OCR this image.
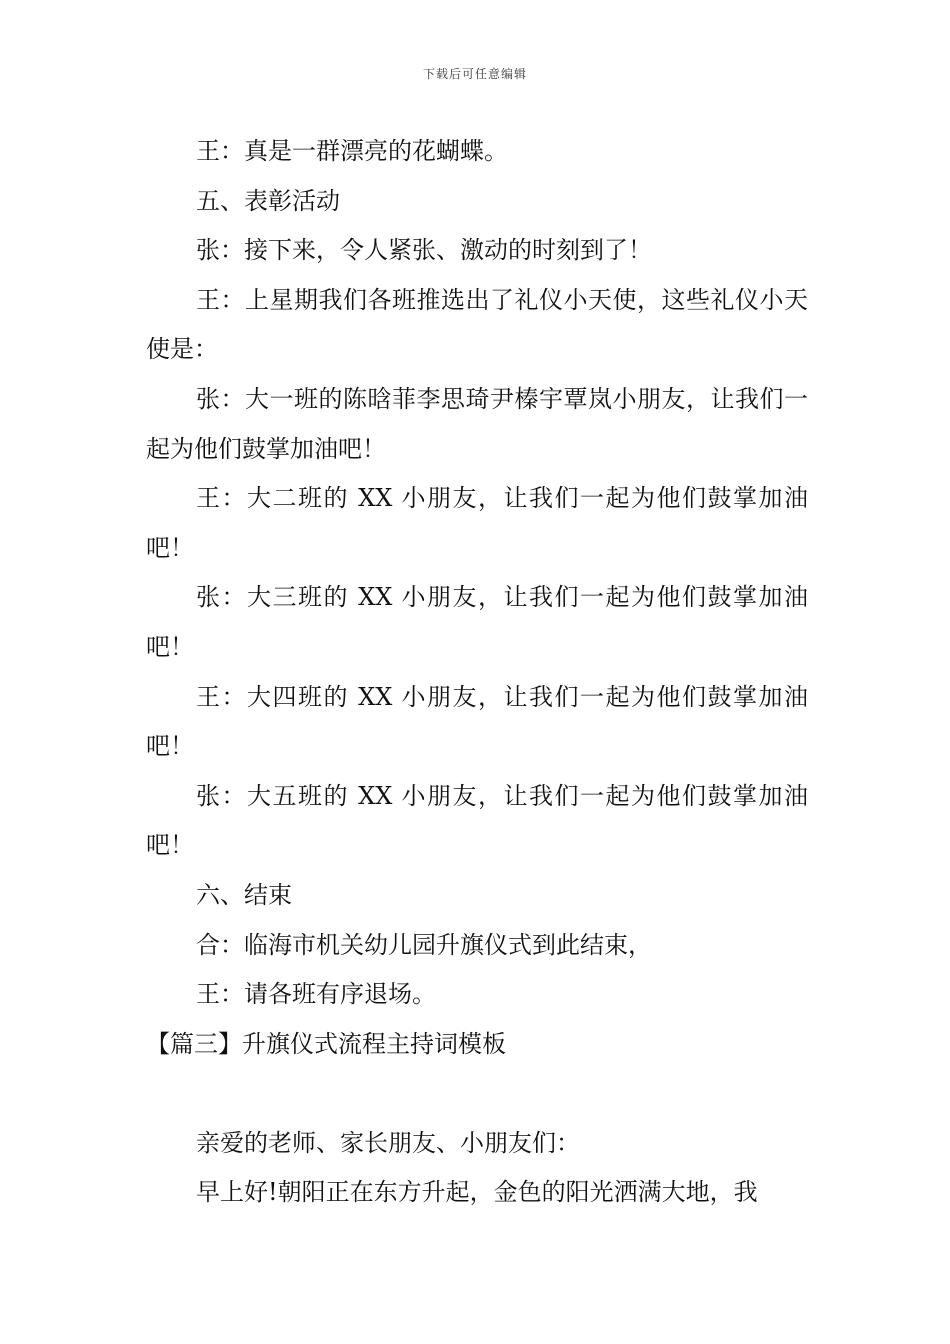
下载后可任意编辑

王：真是一群漂亮的花蝴蝶。

五、表彰活动

张：接下来，令人紧张、激动的时刻到了！

王：上星期我们各班推选出了礼仪小天使，这些礼仪小天使是：

张：大一班的陈晗菲李思琦尹榛宇覃岚小朋友，让我们一起为他们鼓掌加油吧！

王：大二班的 XX 小朋友，让我们一起为他们鼓掌加油吧！

张：大三班的 XX 小朋友，让我们一起为他们鼓掌加油吧！

王：大四班的 XX 小朋友，让我们一起为他们鼓掌加油吧！

张：大五班的 XX 小朋友，让我们一起为他们鼓掌加油吧！

六、结束

合：临海市机关幼儿园升旗仪式到此结束，

王：请各班有序退场。

【篇三】升旗仪式流程主持词模板

亲爱的老师、家长朋友、小朋友们：

早上好!朝阳正在东方升起，金色的阳光洒满大地，我
